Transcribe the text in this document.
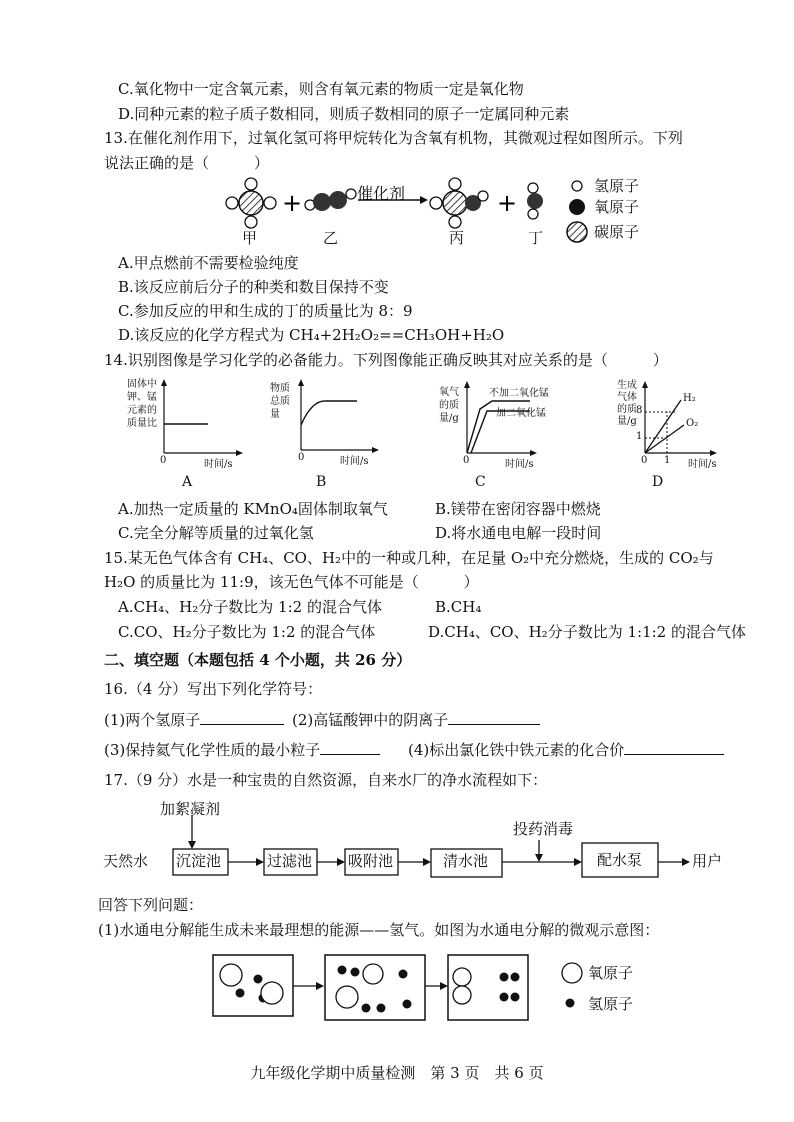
C.氧化物中一定含氧元素，则含有氧元素的物质一定是氧化物
D.同种元素的粒子质子数相同，则质子数相同的原子一定属同种元素
13.在催化剂作用下，过氧化氢可将甲烷转化为含氧有机物，其微观过程如图所示。下列
说法正确的是（　　　）
+	+
催化剂
甲	乙	丙	丁
氢原子
氧原子
碳原子
A.甲点燃前不需要检验纯度
B.该反应前后分子的种类和数目保持不变
C.参加反应的甲和生成的丁的质量比为 8：9
D.该反应的化学方程式为 CH₄+2H₂O₂==CH₃OH+H₂O
14.识别图像是学习化学的必备能力。下列图像能正确反映其对应关系的是（　　　）
固体中
钾、锰
元素的
质量比
0	时间/s
A
物质
总质
量
0	时间/s
B
氧气
的质
量/g
不加二氧化锰
加二氧化锰
0	时间/s
C
生成
气体
的质
量/g
8
1
0 1 时间/s
H₂
O₂
D
A.加热一定质量的 KMnO₄固体制取氧气	B.镁带在密闭容器中燃烧
C.完全分解等质量的过氧化氢	D.将水通电电解一段时间
15.某无色气体含有 CH₄、CO、H₂中的一种或几种，在足量 O₂中充分燃烧，生成的 CO₂与
H₂O 的质量比为 11:9，该无色气体不可能是（　　　）
A.CH₄、H₂分子数比为 1:2 的混合气体	B.CH₄
C.CO、H₂分子数比为 1:2 的混合气体	D.CH₄、CO、H₂分子数比为 1:1:2 的混合气体
二、填空题（本题包括 4 个小题，共 26 分）
16.（4 分）写出下列化学符号：
(1)两个氢原子	(2)高锰酸钾中的阴离子
(3)保持氦气化学性质的最小粒子	(4)标出氯化铁中铁元素的化合价
17.（9 分）水是一种宝贵的自然资源，自来水厂的净水流程如下：
加絮凝剂
投药消毒
天然水 沉淀池	过滤池 吸附池	清水池	配水泵	用户
回答下列问题：
(1)水通电分解能生成未来最理想的能源——氢气。如图为水通电分解的微观示意图：
氧原子
氢原子
九年级化学期中质量检测　第 3 页　共 6 页
